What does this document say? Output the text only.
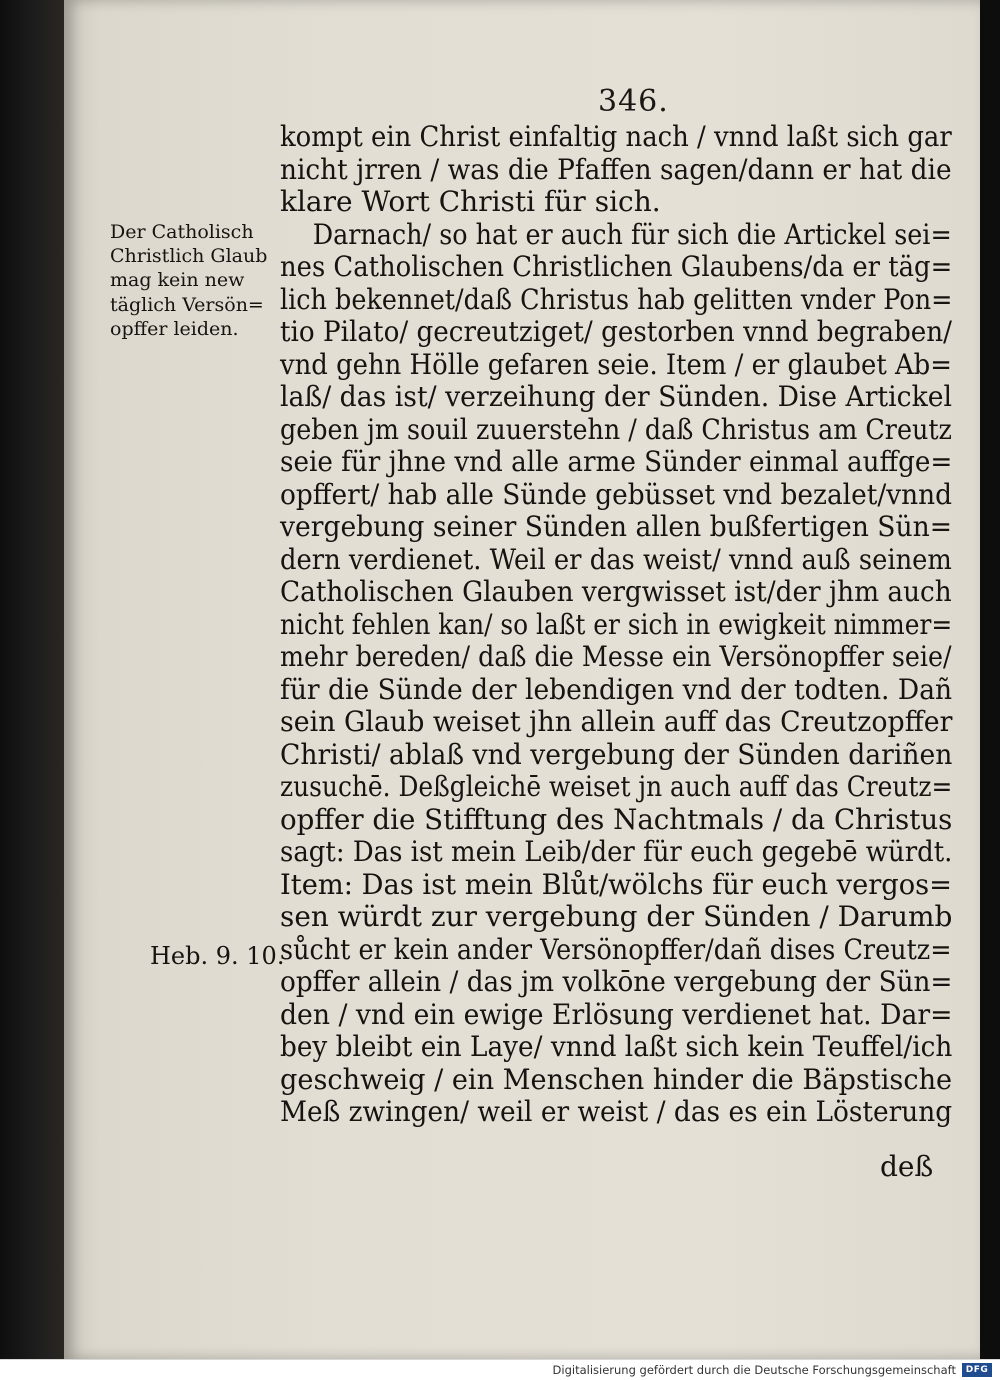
346.
Der Catholisch
Christlich Glaub
mag kein new
täglich Versön=
opffer leiden.
Heb. 9. 10.
kompt ein Christ einfaltig nach / vnnd laßt sich gar
nicht jrren / was die Pfaffen sagen/dann er hat die
klare Wort Christi für sich.
Darnach/ so hat er auch für sich die Artickel sei=
nes Catholischen Christlichen Glaubens/da er täg=
lich bekennet/daß Christus hab gelitten vnder Pon=
tio Pilato/ gecreutziget/ gestorben vnnd begraben/
vnd gehn Hölle gefaren seie. Item / er glaubet Ab=
laß/ das ist/ verzeihung der Sünden. Dise Artickel
geben jm souil zuuerstehn / daß Christus am Creutz
seie für jhne vnd alle arme Sünder einmal auffge=
opffert/ hab alle Sünde gebüsset vnd bezalet/vnnd
vergebung seiner Sünden allen bußfertigen Sün=
dern verdienet. Weil er das weist/ vnnd auß seinem
Catholischen Glauben vergwisset ist/der jhm auch
nicht fehlen kan/ so laßt er sich in ewigkeit nimmer=
mehr bereden/ daß die Messe ein Versönopffer seie/
für die Sünde der lebendigen vnd der todten. Dañ
sein Glaub weiset jhn allein auff das Creutzopffer
Christi/ ablaß vnd vergebung der Sünden dariñen
zusuchē. Deßgleichē weiset jn auch auff das Creutz=
opffer die Stifftung des Nachtmals / da Christus
sagt: Das ist mein Leib/der für euch gegebē würdt.
Item: Das ist mein Blůt/wölchs für euch vergos=
sen würdt zur vergebung der Sünden / Darumb
sůcht er kein ander Versönopffer/dañ dises Creutz=
opffer allein / das jm volkōne vergebung der Sün=
den / vnd ein ewige Erlösung verdienet hat. Dar=
bey bleibt ein Laye/ vnnd laßt sich kein Teuffel/ich
geschweig / ein Menschen hinder die Bäpstische
Meß zwingen/ weil er weist / das es ein Lösterung
deß
Digitalisierung gefördert durch die Deutsche Forschungsgemeinschaft	DFG
